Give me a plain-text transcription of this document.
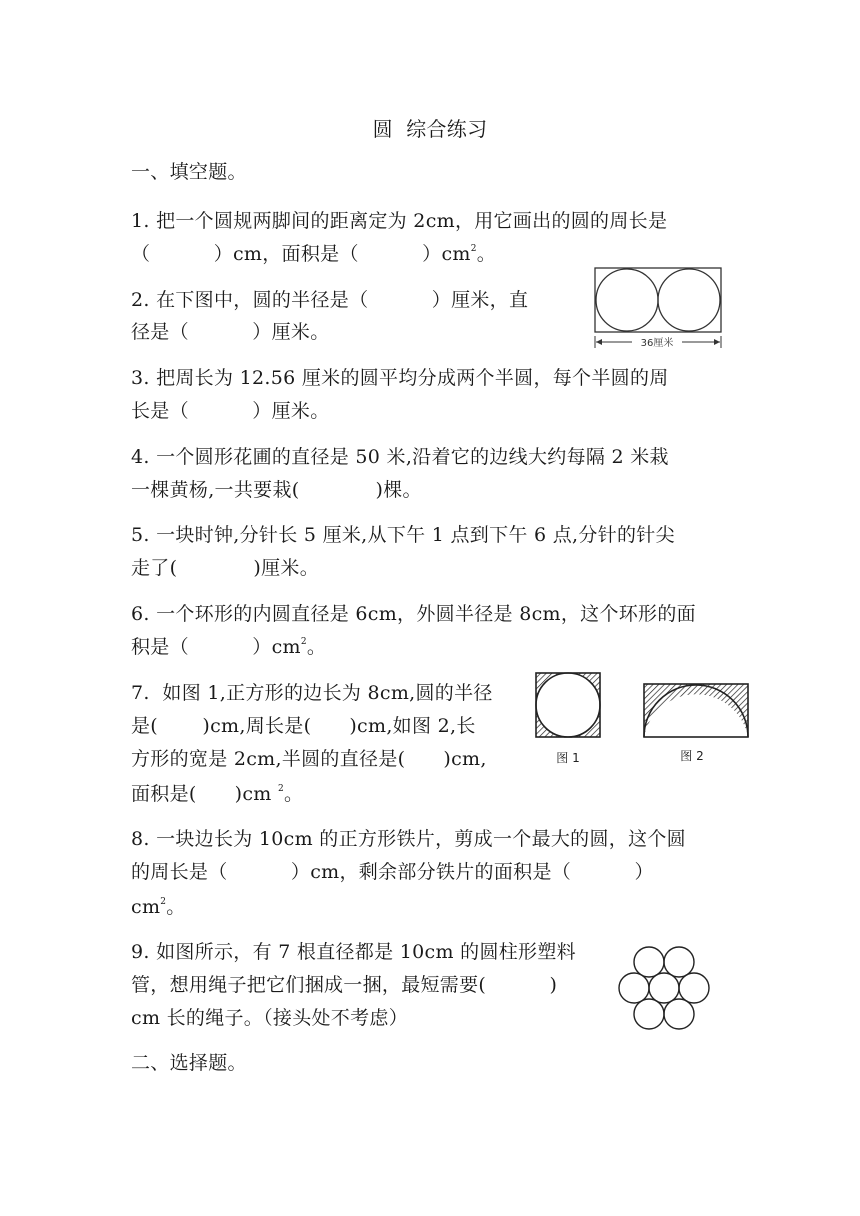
圆  综合练习
一、填空题。
1. 把一个圆规两脚间的距离定为 2cm，用它画出的圆的周长是
（          ）cm，面积是（          ）$cm^2$。
2. 在下图中，圆的半径是（          ）厘米，直
径是（          ）厘米。
36厘米
3. 把周长为 12.56 厘米的圆平均分成两个半圆，每个半圆的周
长是（          ）厘米。
4. 一个圆形花圃的直径是 50 米,沿着它的边线大约每隔 2 米栽
一棵黄杨,一共要栽(            )棵。
5. 一块时钟,分针长 5 厘米,从下午 1 点到下午 6 点,分针的针尖
走了(            )厘米。
6. 一个环形的内圆直径是 6cm，外圆半径是 8cm，这个环形的面
积是（          ）$cm^2$。
7.  如图 1,正方形的边长为 8cm,圆的半径
是(       )cm,周长是(      )cm,如图 2,长
方形的宽是 2cm,半圆的直径是(      )cm,
面积是(      )cm $^2$。
图 1	图 2
8. 一块边长为 10cm 的正方形铁片，剪成一个最大的圆，这个圆
的周长是（          ）cm，剩余部分铁片的面积是（          ）
$cm^2$。
9. 如图所示，有 7 根直径都是 10cm 的圆柱形塑料
管，想用绳子把它们捆成一捆，最短需要(          )
cm 长的绳子。（接头处不考虑）
二、选择题。
